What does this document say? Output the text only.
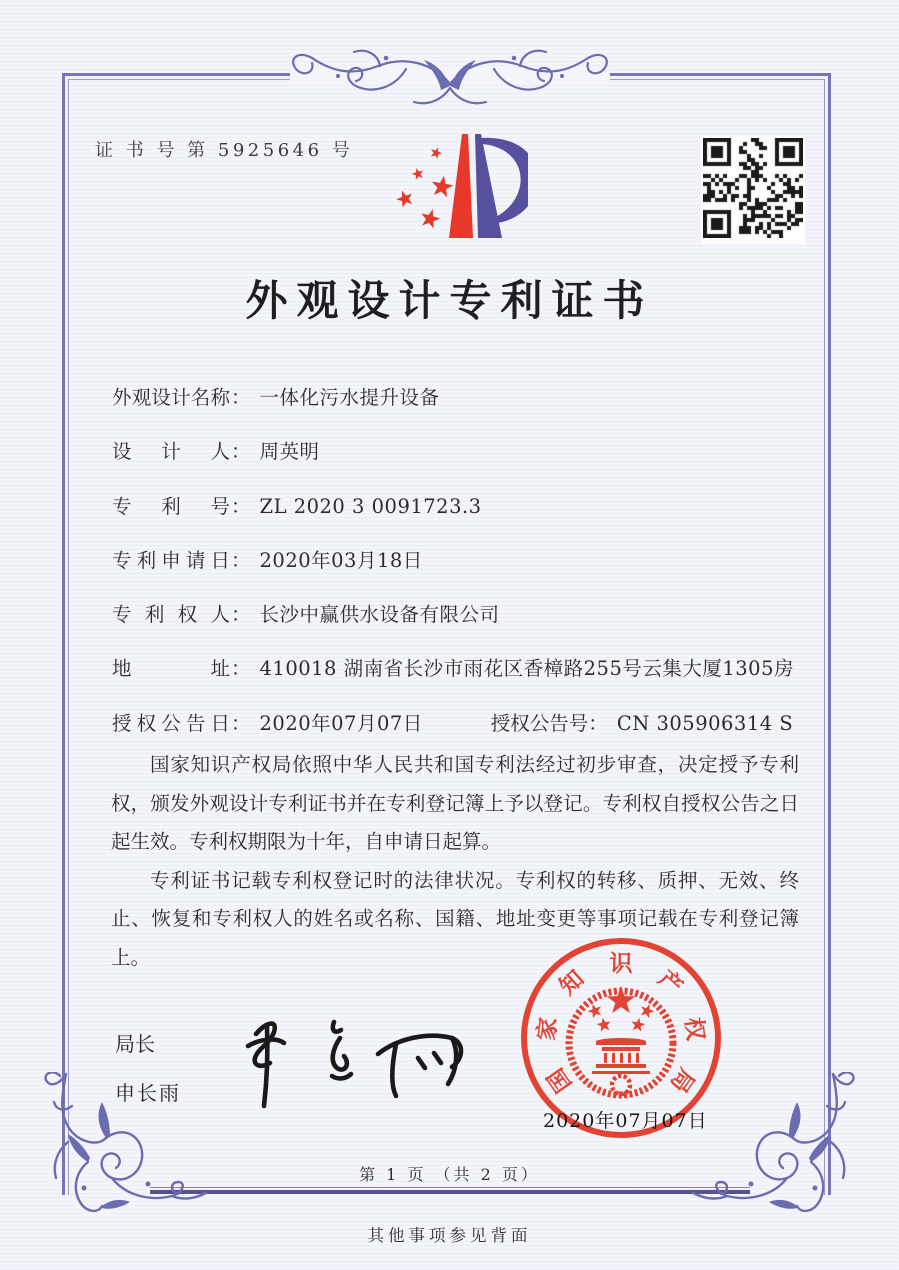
证 书 号 第 5925646 号
外观设计专利证书
外观设计名称 ： 一体化污水提升设备
设计人 ： 周英明
专利号 ： ZL 2020 3 0091723.3
专利申请日 ： 2020年03月18日
专利权人 ： 长沙中赢供水设备有限公司
地址 ： 410018 湖南省长沙市雨花区香樟路255号云集大厦1305房
授权公告日 ： 2020年07月07日	授权公告号 ： CN 305906314 S

国家知识产权局依照中华人民共和国专利法经过初步审查，决定授予专利权，颁发外观设计专利证书并在专利登记簿上予以登记。专利权自授权公告之日起生效。专利权期限为十年，自申请日起算。

专利证书记载专利权登记时的法律状况。专利权的转移、质押、无效、终止、恢复和专利权人的姓名或名称、国籍、地址变更等事项记载在专利登记簿上。

局长
申长雨	国
家
知
识
产
权
局
2020年07月07日
第 1 页 （共 2 页）
其他事项参见背面
